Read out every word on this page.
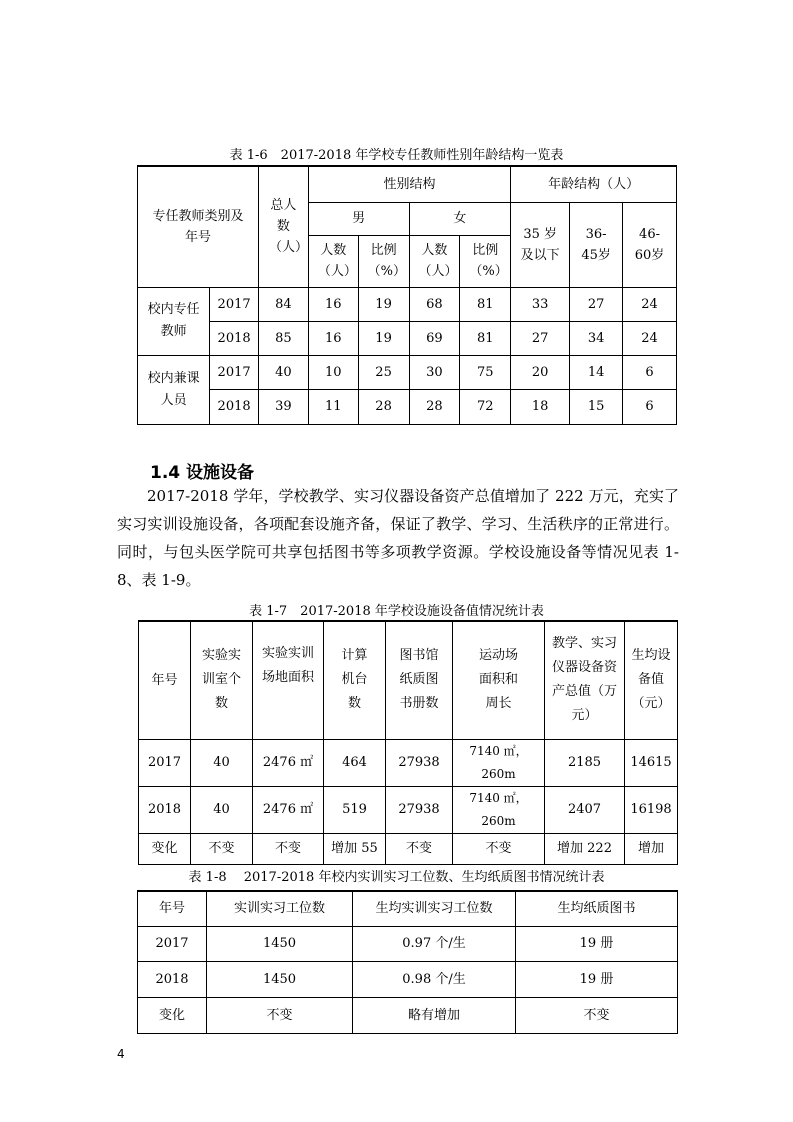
表 1-6　2017-2018 年学校专任教师性别年龄结构一览表
专任教师类别及年号		总人数（人）	性别结构				年龄结构（人）		
			男		女		35 岁及以下	36-45岁	46-60岁
			人数（人）	比例（%）	人数（人）	比例（%）			
校内专任教师	2017	84	16	19	68	81	33	27	24
	2018	85	16	19	69	81	27	34	24
校内兼课人员	2017	40	10	25	30	75	20	14	6
	2018	39	11	28	28	72	18	15	6
1.4 设施设备
2017-2018 学年，学校教学、实习仪器设备资产总值增加了 222 万元，充实了实习实训设施设备，各项配套设施齐备，保证了教学、学习、生活秩序的正常进行。同时，与包头医学院可共享包括图书等多项教学资源。学校设施设备等情况见表 1-8、表 1-9。
表 1-7　2017-2018 年学校设施设备值情况统计表
年号	实验实训室个数	实验实训场地面积	计算机台数	图书馆纸质图书册数	运动场面积和周长	教学、实习仪器设备资产总值（万元）	生均设备值（元）
2017	40	2476 ㎡	464	27938	7140 ㎡，260m	2185	14615
2018	40	2476 ㎡	519	27938	7140 ㎡，260m	2407	16198
变化	不变	不变	增加 55	不变	不变	增加 222	增加
表 1-8　 2017-2018 年校内实训实习工位数、生均纸质图书情况统计表
年号	实训实习工位数	生均实训实习工位数	生均纸质图书
2017	1450	0.97 个/生	19 册
2018	1450	0.98 个/生	19 册
变化	不变	略有增加	不变
4
